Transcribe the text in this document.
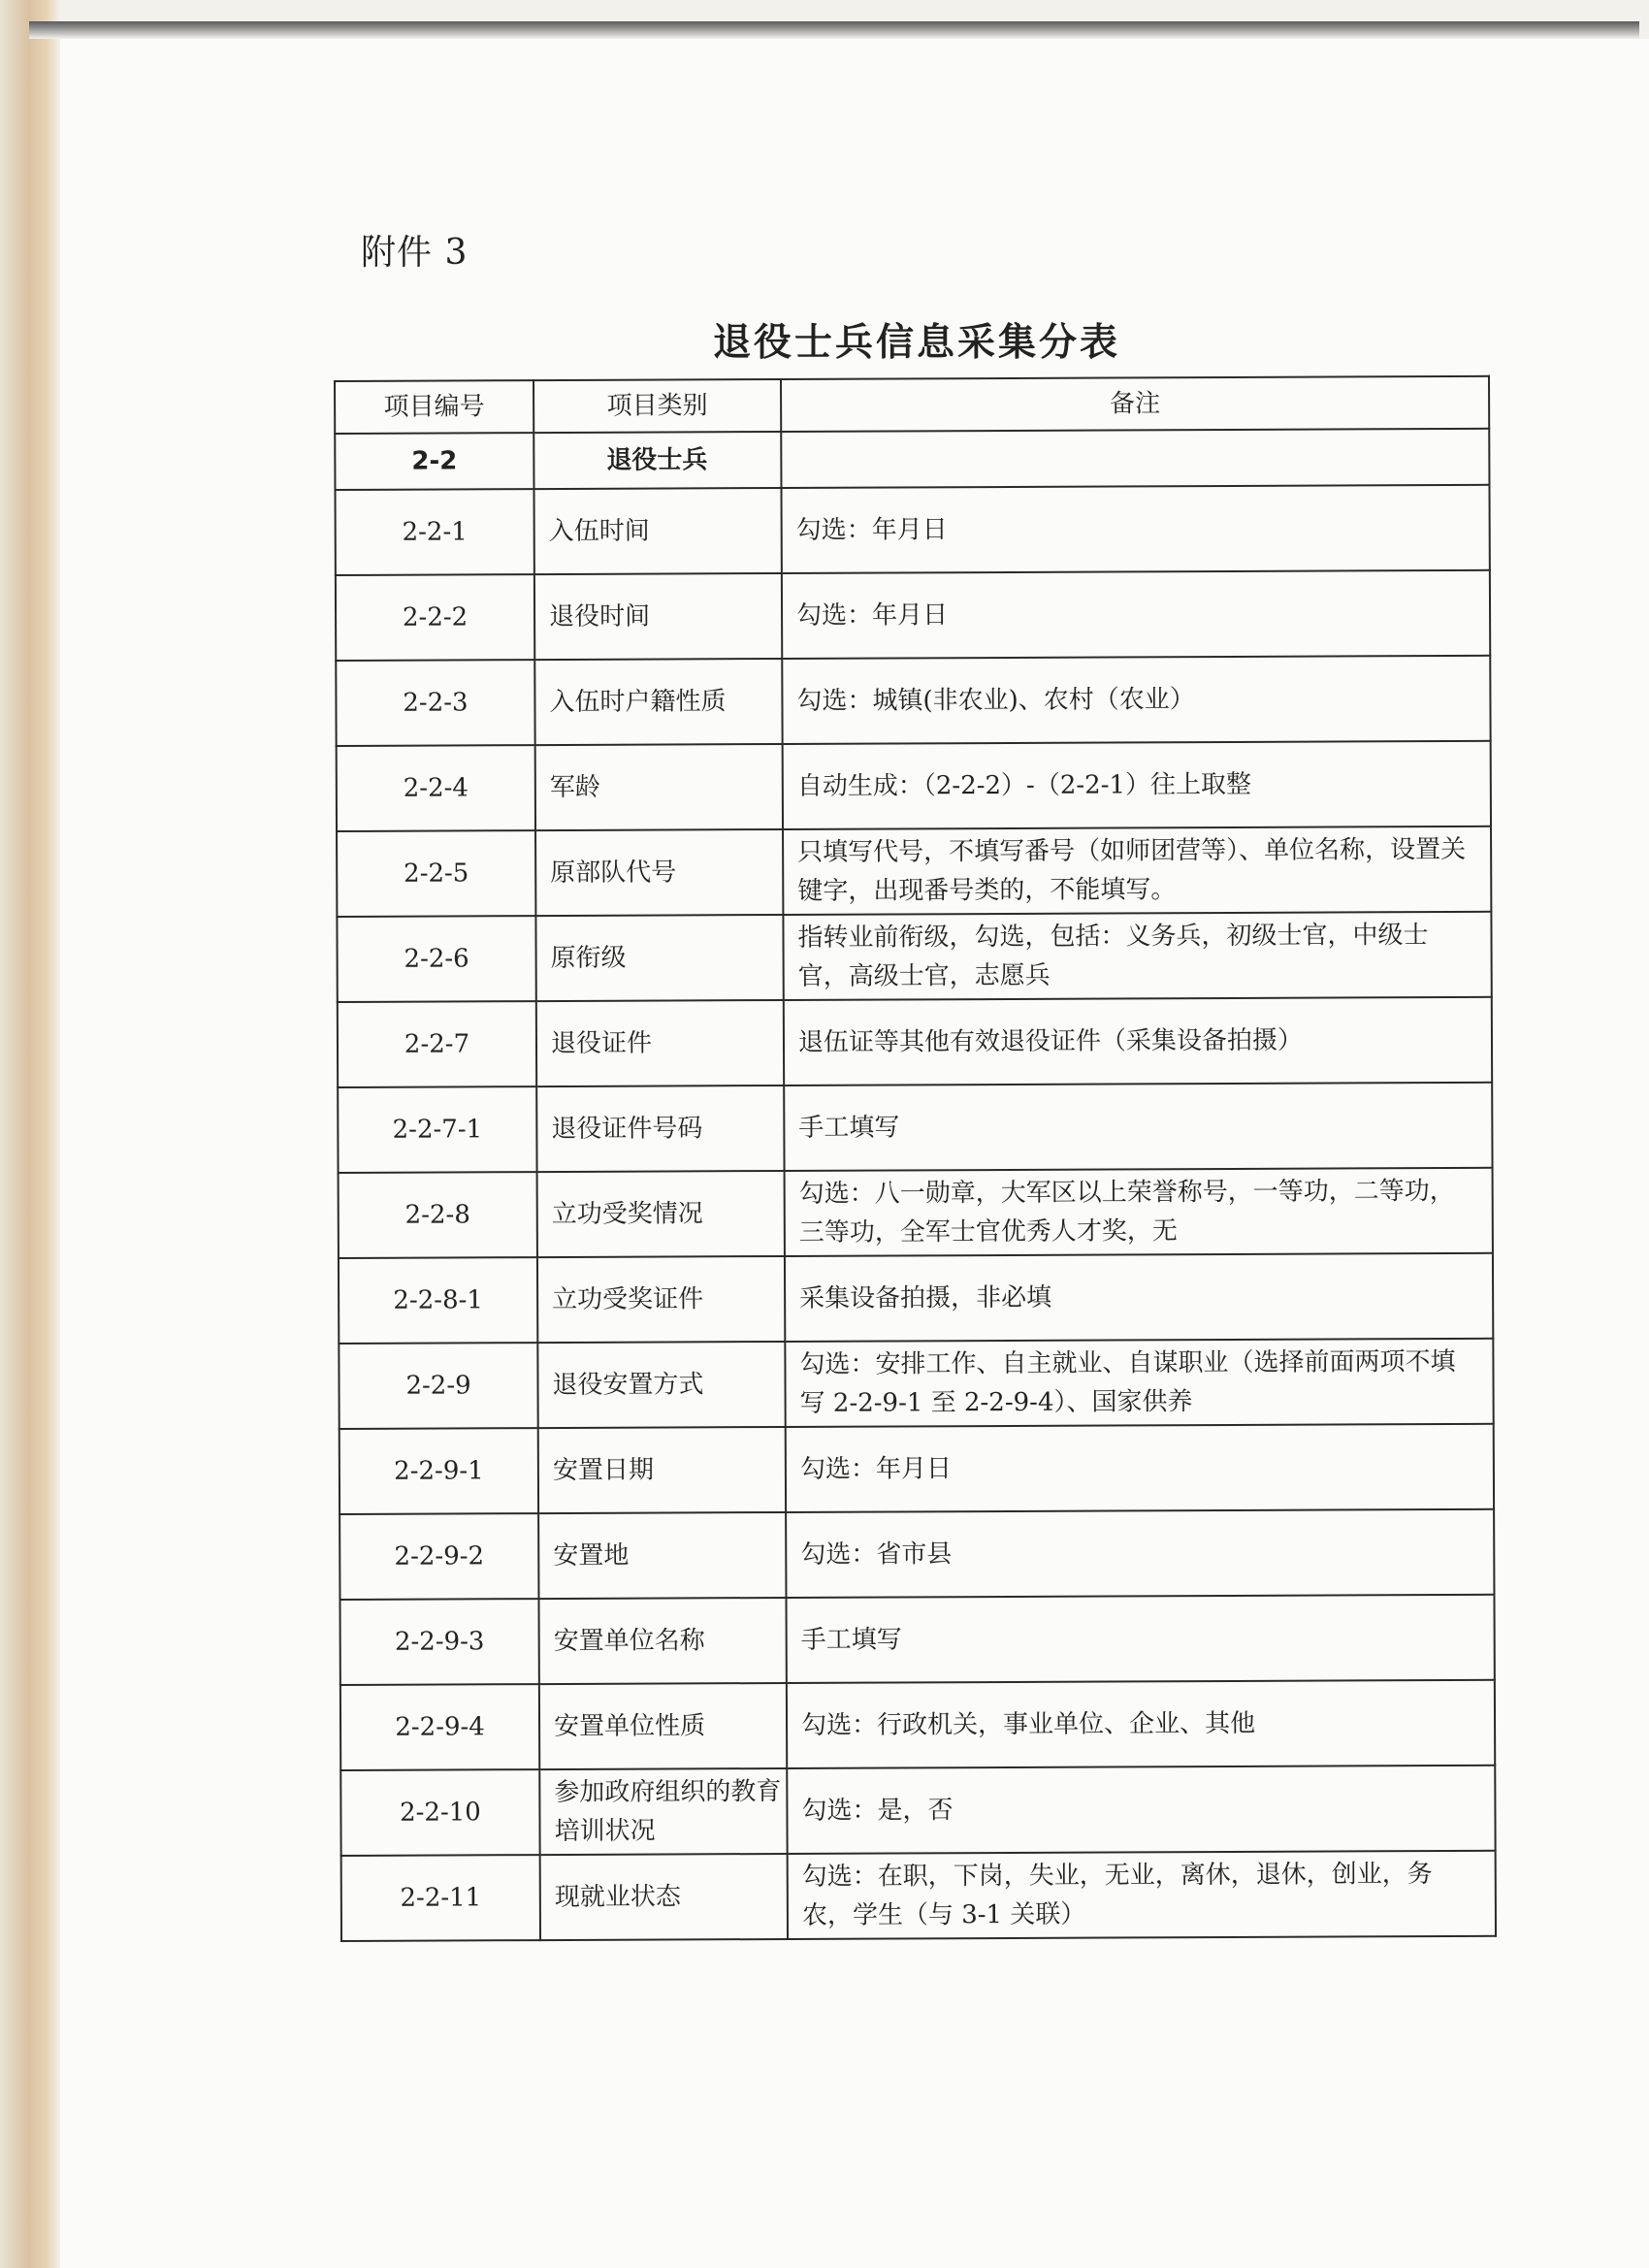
附件 3
退役士兵信息采集分表
项目编号	项目类别	备注
2-2	退役士兵	
2-2-1	入伍时间	勾选：年月日
2-2-2	退役时间	勾选：年月日
2-2-3	入伍时户籍性质	勾选：城镇(非农业)、农村（农业）
2-2-4	军龄	自动生成：（2-2-2）-（2-2-1）往上取整
2-2-5	原部队代号	只填写代号，不填写番号（如师团营等）、单位名称，设置关键字，出现番号类的，不能填写。
2-2-6	原衔级	指转业前衔级，勾选，包括：义务兵，初级士官，中级士官，高级士官，志愿兵
2-2-7	退役证件	退伍证等其他有效退役证件（采集设备拍摄）
2-2-7-1	退役证件号码	手工填写
2-2-8	立功受奖情况	勾选：八一勋章，大军区以上荣誉称号，一等功，二等功，三等功，全军士官优秀人才奖，无
2-2-8-1	立功受奖证件	采集设备拍摄，非必填
2-2-9	退役安置方式	勾选：安排工作、自主就业、自谋职业（选择前面两项不填写 2-2-9-1 至 2-2-9-4）、国家供养
2-2-9-1	安置日期	勾选：年月日
2-2-9-2	安置地	勾选：省市县
2-2-9-3	安置单位名称	手工填写
2-2-9-4	安置单位性质	勾选：行政机关，事业单位、企业、其他
2-2-10	参加政府组织的教育培训状况	勾选：是，否
2-2-11	现就业状态	勾选：在职，下岗，失业，无业，离休，退休，创业，务农，学生（与 3-1 关联）
